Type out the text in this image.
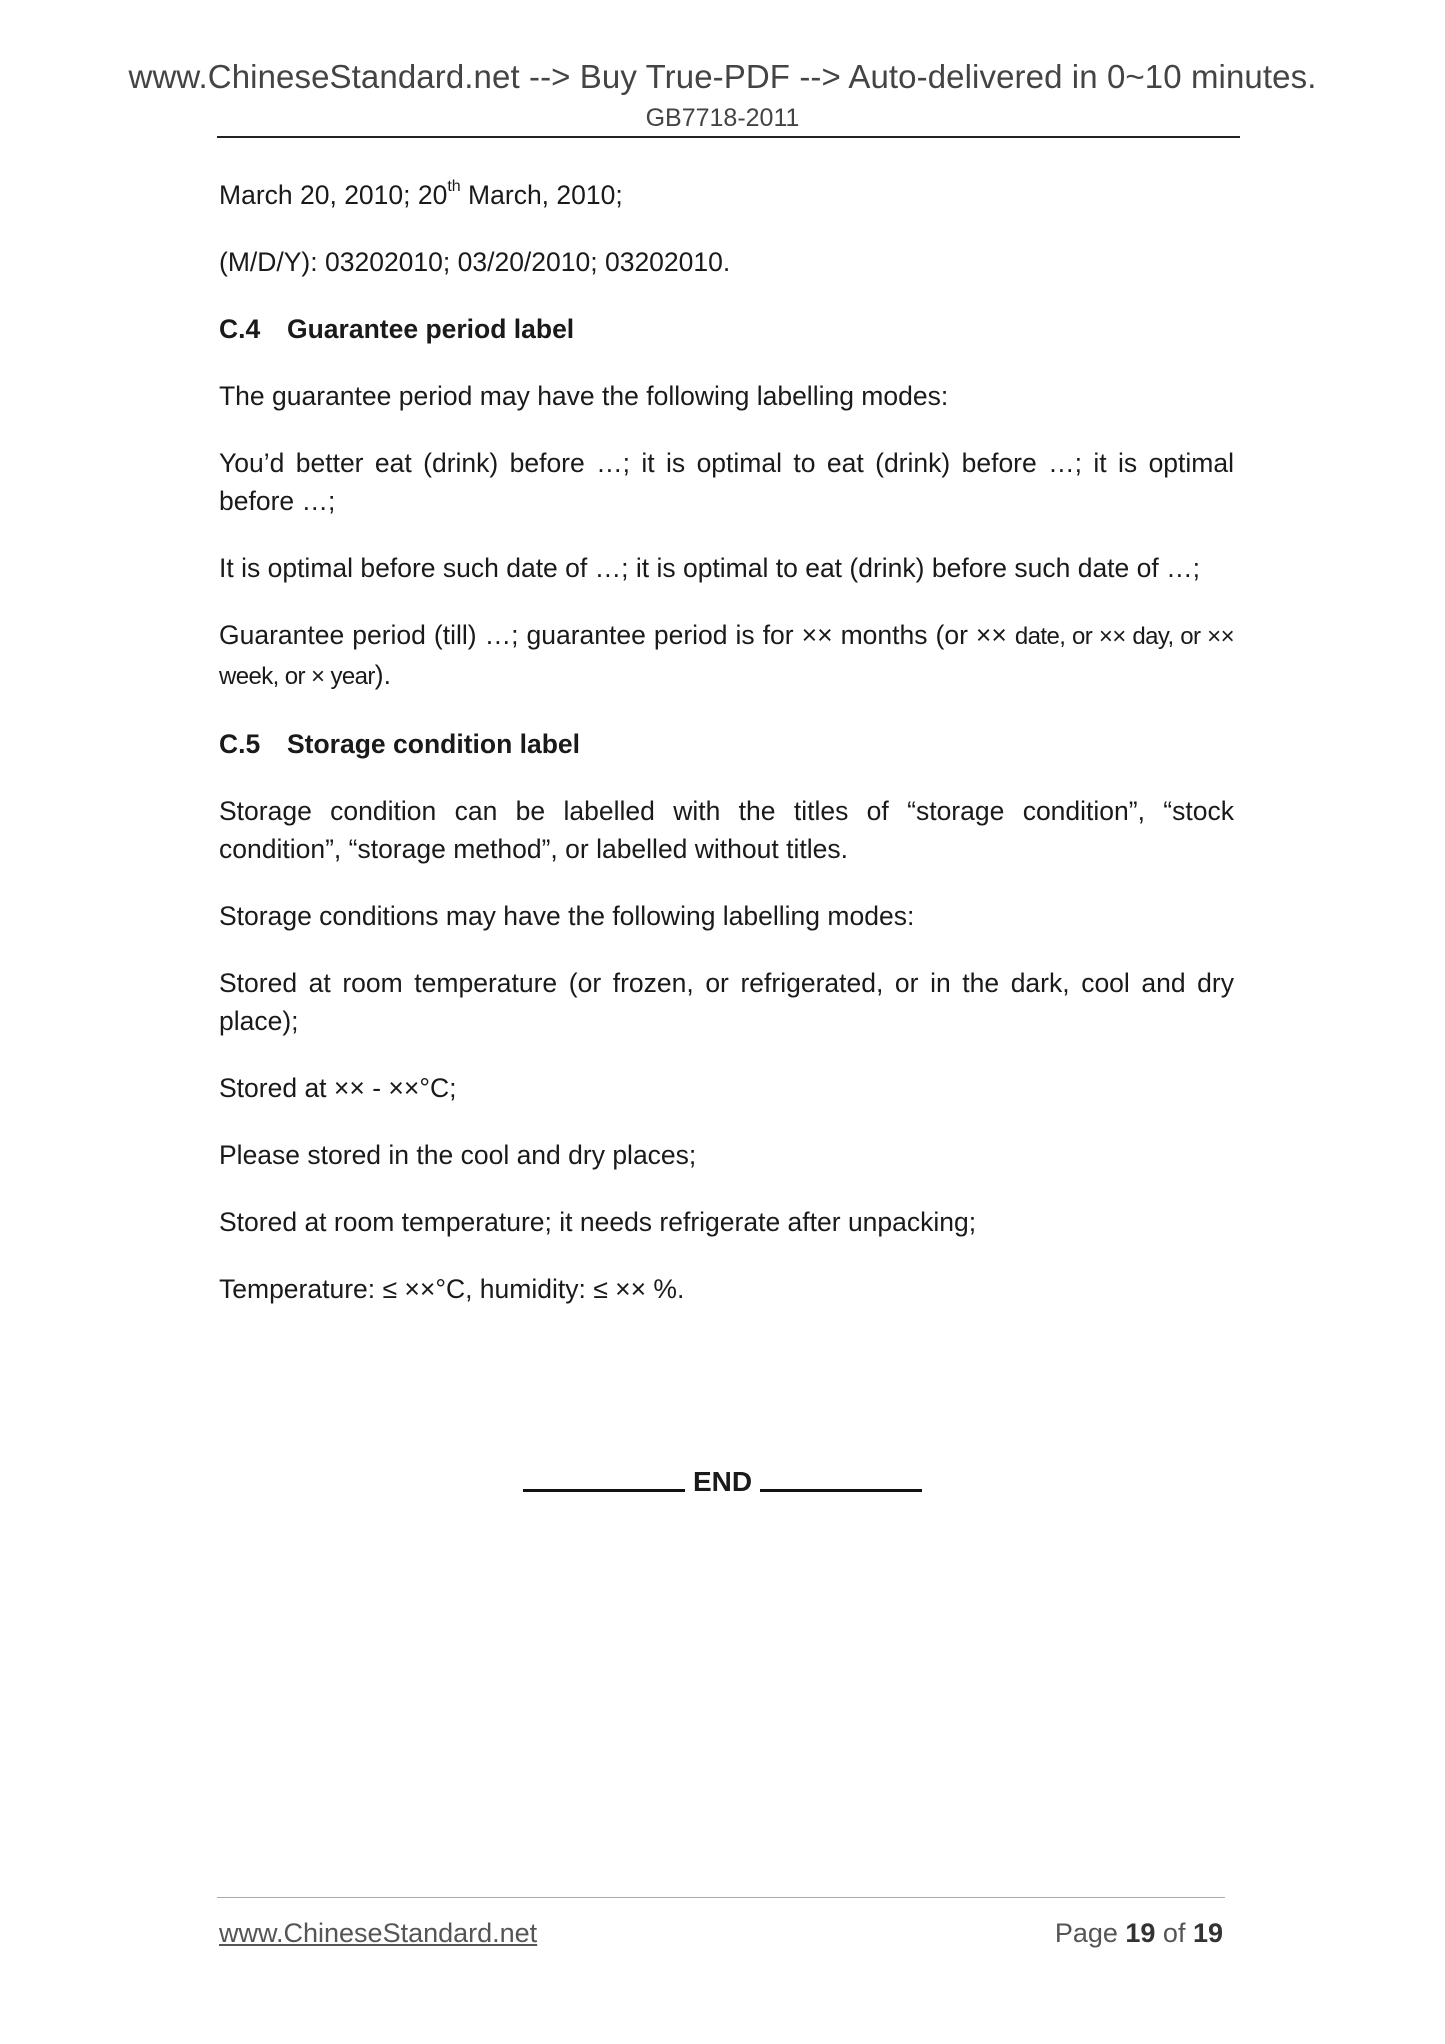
www.ChineseStandard.net --> Buy True-PDF --> Auto-delivered in 0~10 minutes.
GB7718-2011

March 20, 2010; 20th March, 2010;

(M/D/Y): 03202010; 03/20/2010; 03202010.

C.4 Guarantee period label

The guarantee period may have the following labelling modes:

You’d better eat (drink) before …; it is optimal to eat (drink) before …; it is optimal before …;

It is optimal before such date of …; it is optimal to eat (drink) before such date of …;

Guarantee period (till) …; guarantee period is for ×× months (or ×× date, or ×× day, or ×× week, or × year).

C.5 Storage condition label

Storage condition can be labelled with the titles of “storage condition”, “stock condition”, “storage method”, or labelled without titles.

Storage conditions may have the following labelling modes:

Stored at room temperature (or frozen, or refrigerated, or in the dark, cool and dry place);

Stored at ×× - ××°C;

Please stored in the cool and dry places;

Stored at room temperature; it needs refrigerate after unpacking;

Temperature: ≤ ××°C, humidity: ≤ ×× %.

END
www.ChineseStandard.net	Page 19 of 19
